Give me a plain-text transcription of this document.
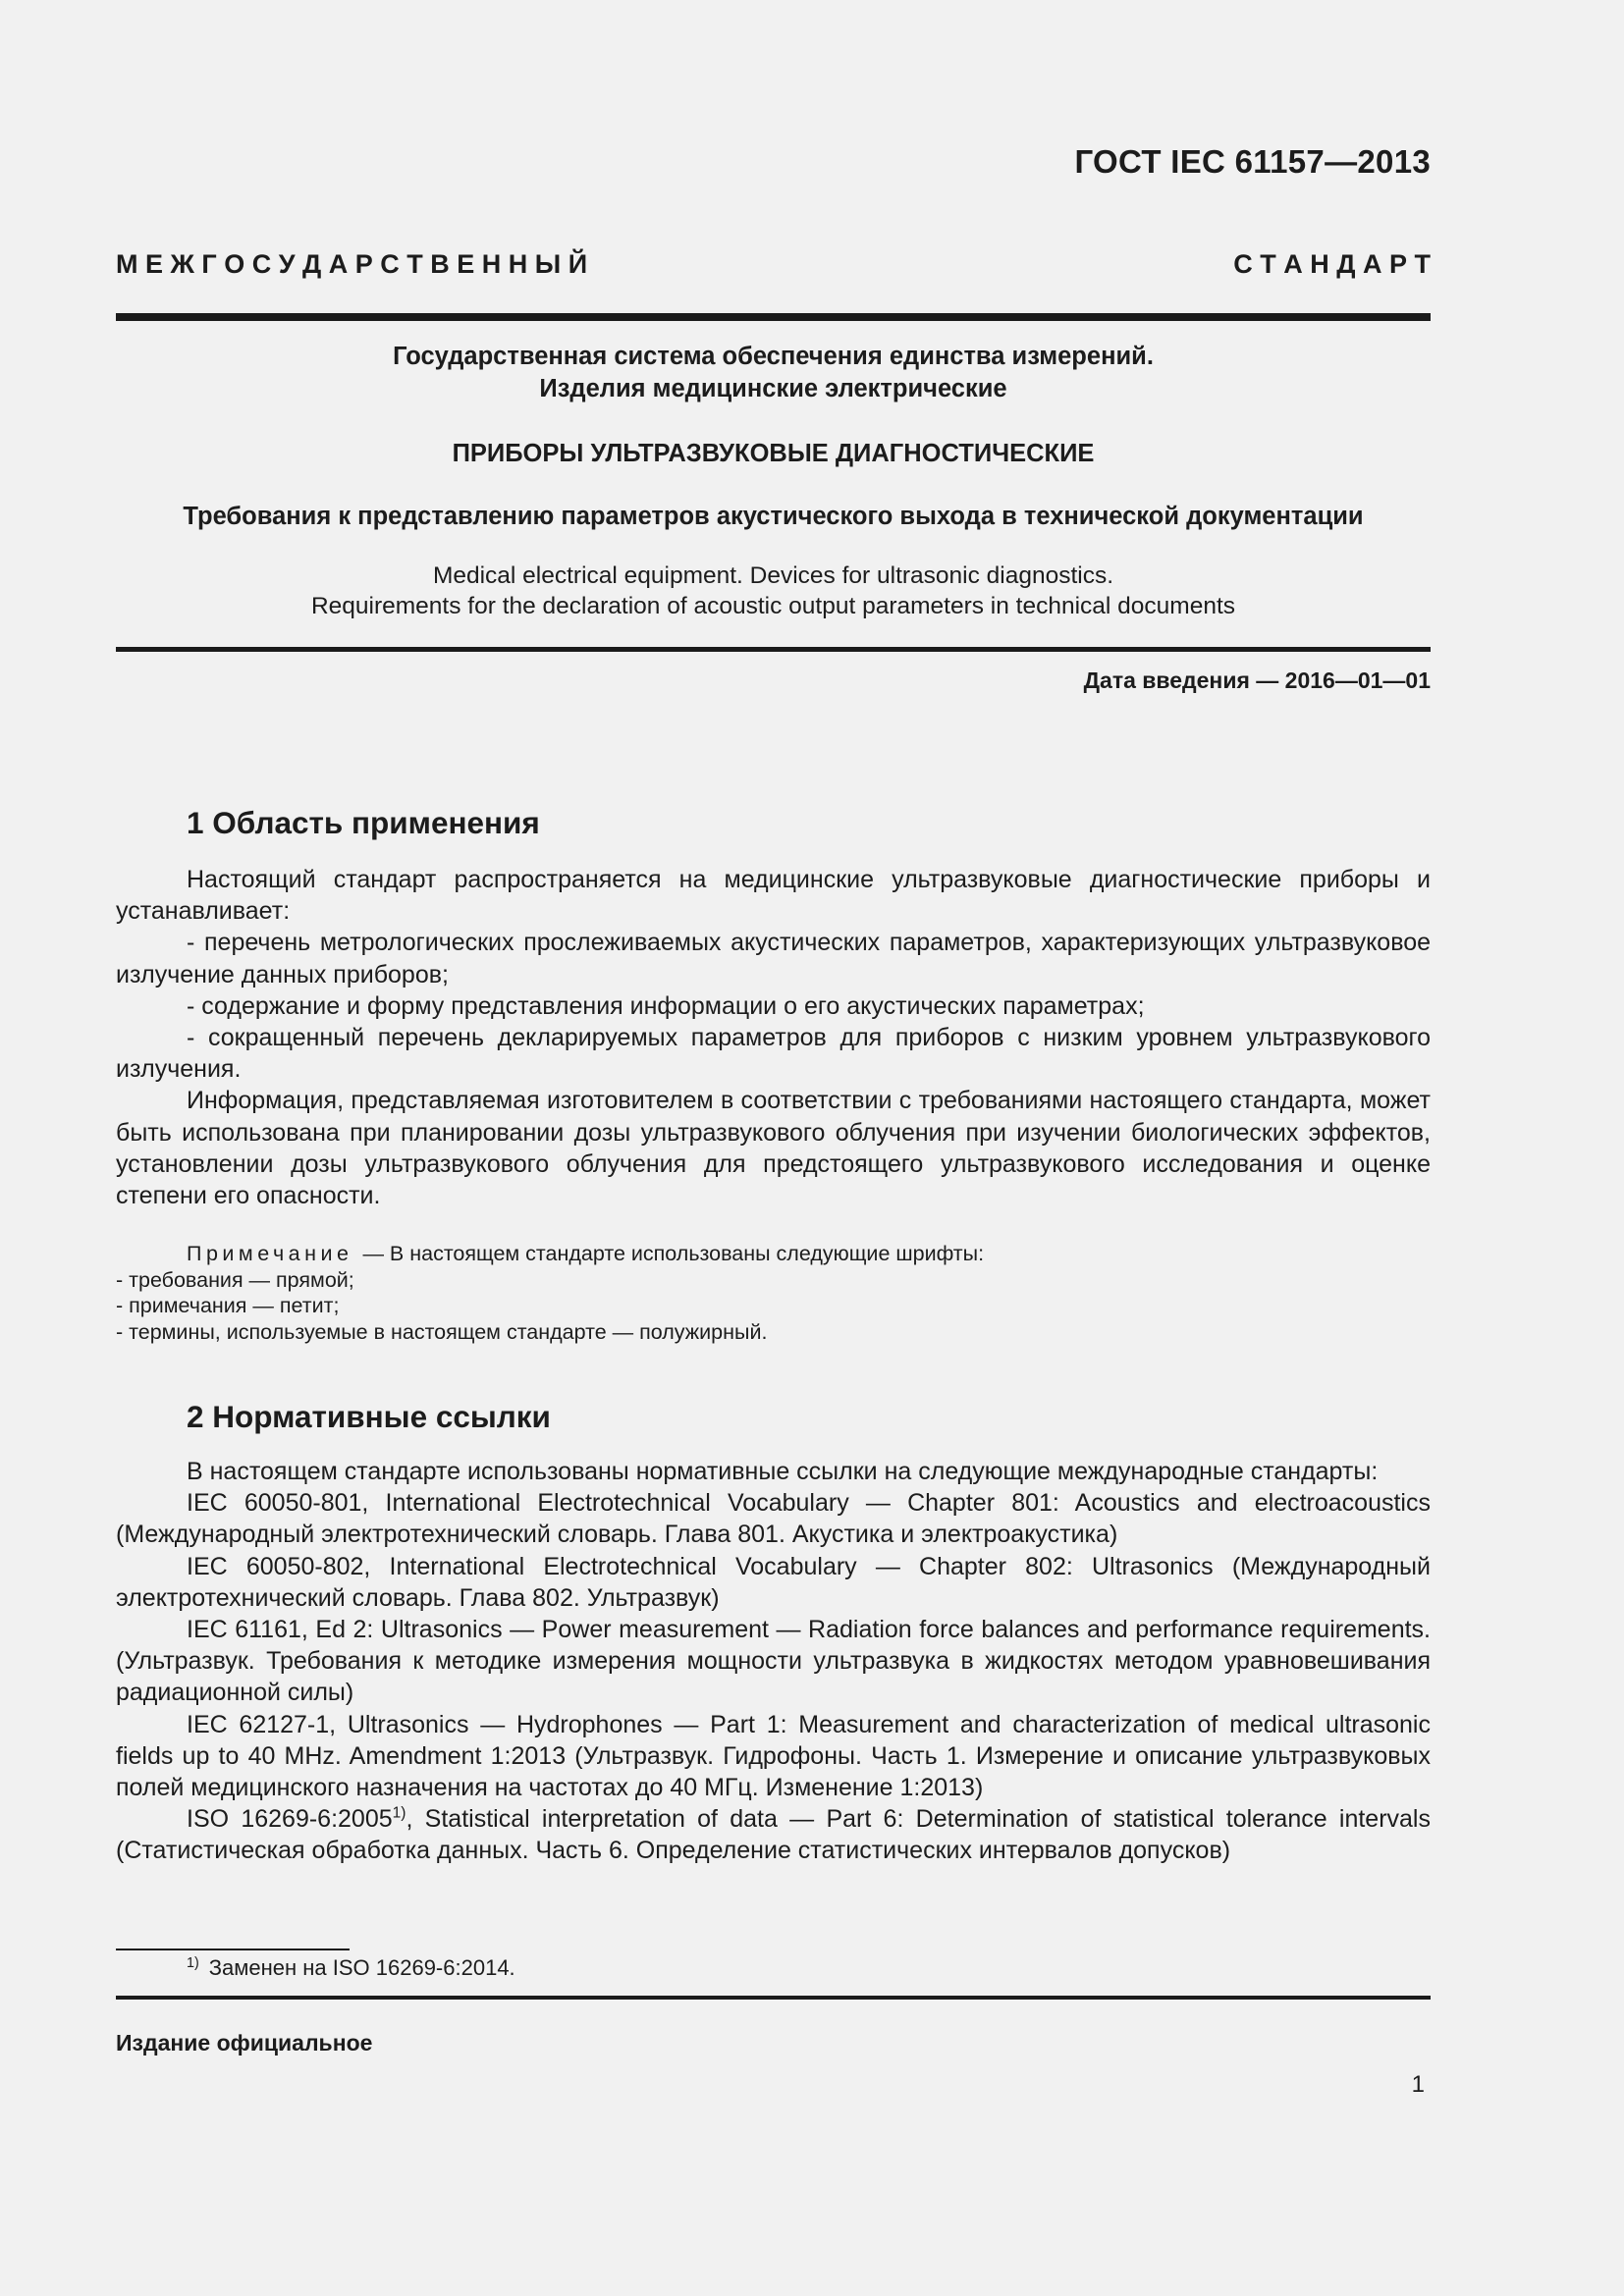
ГОСТ IEC 61157—2013
М Е Ж Г О С У Д А Р С Т В Е Н Н Ы Й	С Т А Н Д А Р Т
Государственная система обеспечения единства измерений.
Изделия медицинские электрические
ПРИБОРЫ УЛЬТРАЗВУКОВЫЕ ДИАГНОСТИЧЕСКИЕ
Требования к представлению параметров акустического выхода в технической документации
Medical electrical equipment. Devices for ultrasonic diagnostics.
Requirements for the declaration of acoustic output parameters in technical documents
Дата введения — 2016—01—01
1 Область применения

Настоящий стандарт распространяется на медицинские ультразвуковые диагностические приборы и устанавливает:

- перечень метрологических прослеживаемых акустических параметров, характеризующих ультразвуковое излучение данных приборов;

- содержание и форму представления информации о его акустических параметрах;

- сокращенный перечень декларируемых параметров для приборов с низким уровнем ультразвукового излучения.

Информация, представляемая изготовителем в соответствии с требованиями настоящего стандарта, может быть использована при планировании дозы ультразвукового облучения при изучении биологических эффектов, установлении дозы ультразвукового облучения для предстоящего ультразвукового исследования и оценке степени его опасности.

Примечание — В настоящем стандарте использованы следующие шрифты:
- требования — прямой;
- примечания — петит;
- термины, используемые в настоящем стандарте — полужирный.
2 Нормативные ссылки

В настоящем стандарте использованы нормативные ссылки на следующие международные стандарты:

IEC 60050-801, International Electrotechnical Vocabulary — Chapter 801: Acoustics and electroacoustics (Международный электротехнический словарь. Глава 801. Акустика и электроакустика)

IEC 60050-802, International Electrotechnical Vocabulary — Chapter 802: Ultrasonics (Международный электротехнический словарь. Глава 802. Ультразвук)

IEC 61161, Ed 2: Ultrasonics — Power measurement — Radiation force balances and performance requirements. (Ультразвук. Требования к методике измерения мощности ультразвука в жидкостях методом уравновешивания радиационной силы)

IEC 62127-1, Ultrasonics — Hydrophones — Part 1: Measurement and characterization of medical ultrasonic fields up to 40 MHz. Amendment 1:2013 (Ультразвук. Гидрофоны. Часть 1. Измерение и описание ультразвуковых полей медицинского назначения на частотах до 40 МГц. Изменение 1:2013)

ISO 16269-6:2005$^{1)}$, Statistical interpretation of data — Part 6: Determination of statistical tolerance intervals (Статистическая обработка данных. Часть 6. Определение статистических интервалов допусков)

$^{1)}$ Заменен на ISO 16269-6:2014.
Издание официальное
1
